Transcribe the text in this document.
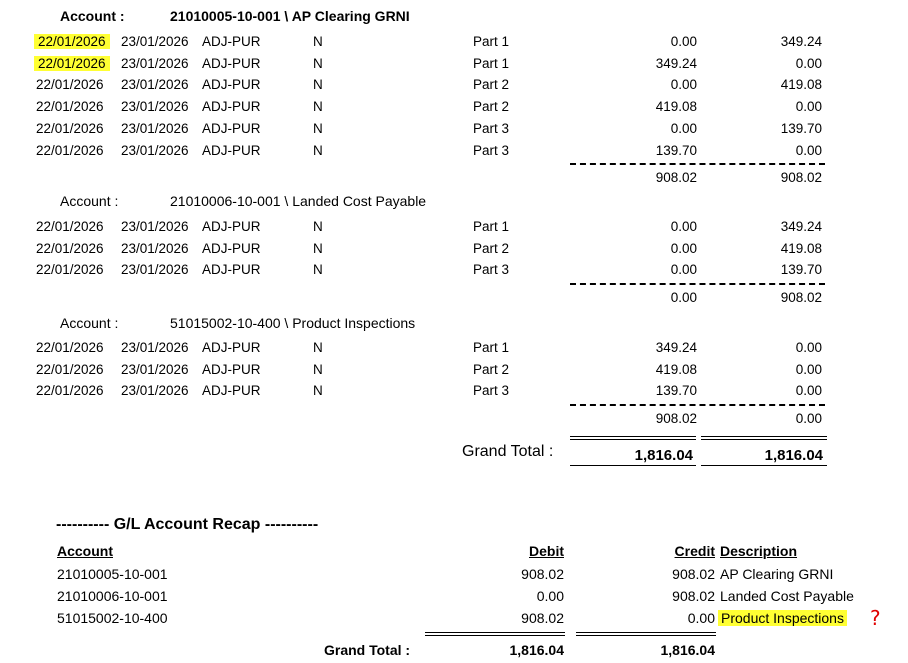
Account :	21010005-10-001 \ AP Clearing GRNI
22/01/2026 23/01/2026 ADJ-PUR	N	Part 1	0.00	349.24
22/01/2026 23/01/2026 ADJ-PUR	N	Part 1	349.24	0.00
22/01/2026	23/01/2026 ADJ-PUR	N	Part 2	0.00	419.08
22/01/2026	23/01/2026 ADJ-PUR	N	Part 2	419.08	0.00
22/01/2026	23/01/2026 ADJ-PUR	N	Part 3	0.00	139.70
22/01/2026	23/01/2026 ADJ-PUR	N	Part 3	139.70	0.00
908.02	908.02
Account :	21010006-10-001 \ Landed Cost Payable
22/01/2026	23/01/2026 ADJ-PUR	N	Part 1	0.00	349.24
22/01/2026	23/01/2026 ADJ-PUR	N	Part 2	0.00	419.08
22/01/2026	23/01/2026 ADJ-PUR	N	Part 3	0.00	139.70
0.00	908.02
Account :	51015002-10-400 \ Product Inspections
22/01/2026	23/01/2026 ADJ-PUR	N	Part 1	349.24	0.00
22/01/2026	23/01/2026 ADJ-PUR	N	Part 2	419.08	0.00
22/01/2026	23/01/2026 ADJ-PUR	N	Part 3	139.70	0.00
908.02	0.00
Grand Total :	1,816.04	1,816.04
---------- G/L Account Recap ----------
Account	Debit	Credit Description
21010005-10-001	908.02	908.02 AP Clearing GRNI
21010006-10-001	0.00	908.02 Landed Cost Payable
51015002-10-400	908.02	0.00 Product Inspections
Grand Total :	1,816.04	1,816.04
?
